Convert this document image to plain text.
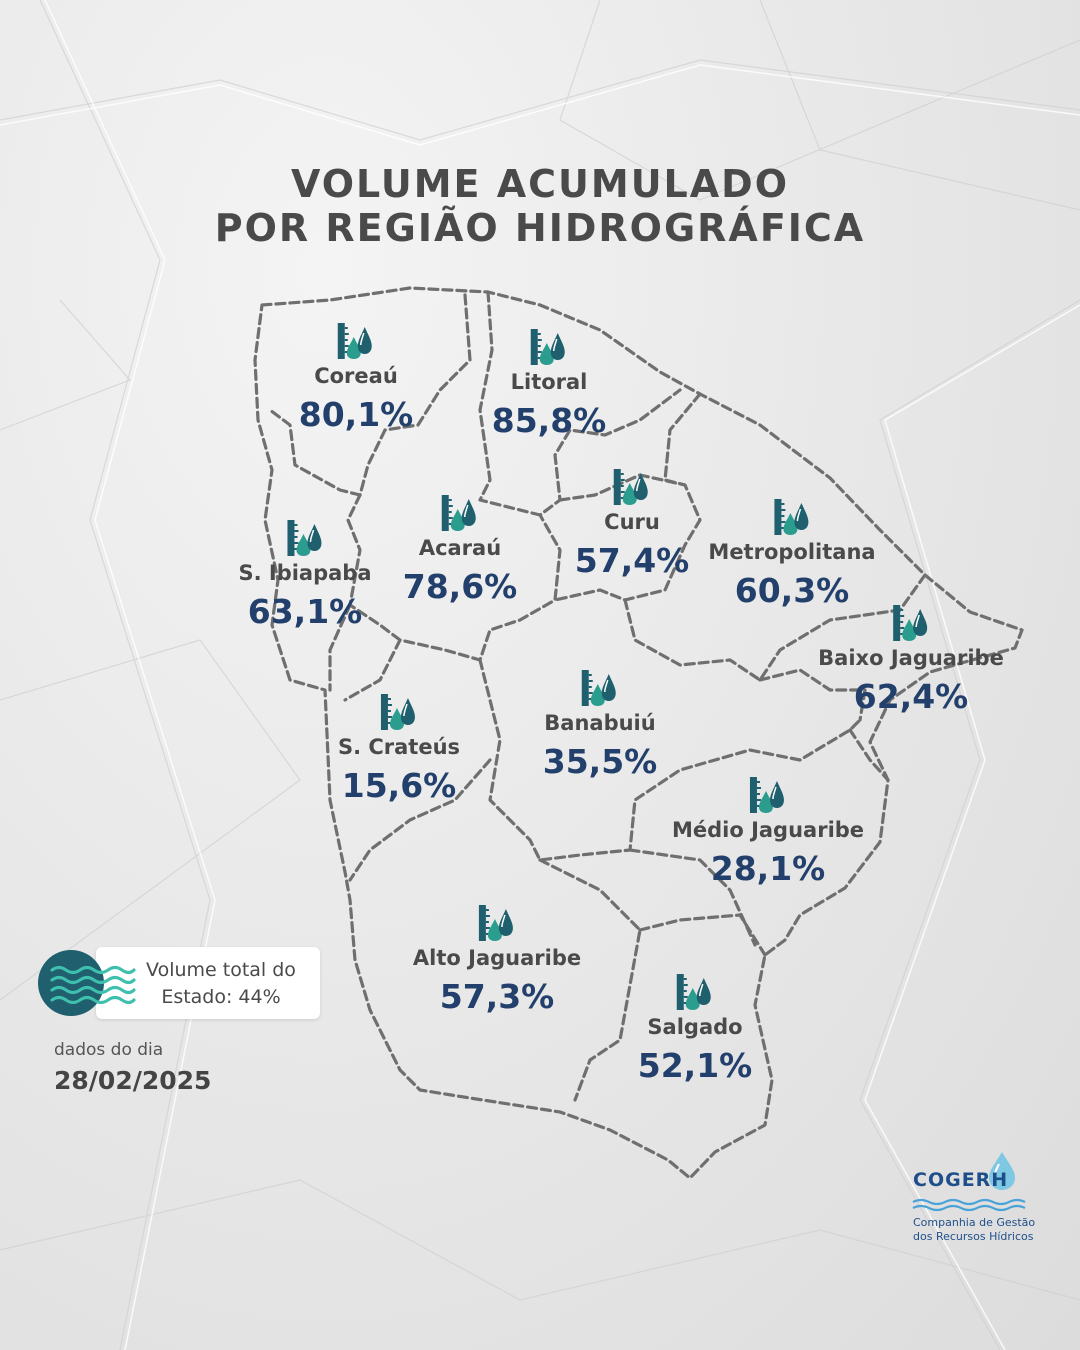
VOLUME ACUMULADO
POR REGIÃO HIDROGRÁFICA
Coreaú
80,1%
Litoral
85,8%
Curu
57,4%
Acaraú
78,6%
S. Ibiapaba
63,1%
Metropolitana
60,3%
Baixo Jaguaribe
62,4%
Banabuiú
35,5%
S. Crateús
15,6%
Médio Jaguaribe
28,1%
Alto Jaguaribe
57,3%
Salgado
52,1%
Volume total do
Estado: 44%
dados do dia
28/02/2025
COGERH
Companhia de Gestão
dos Recursos Hídricos
